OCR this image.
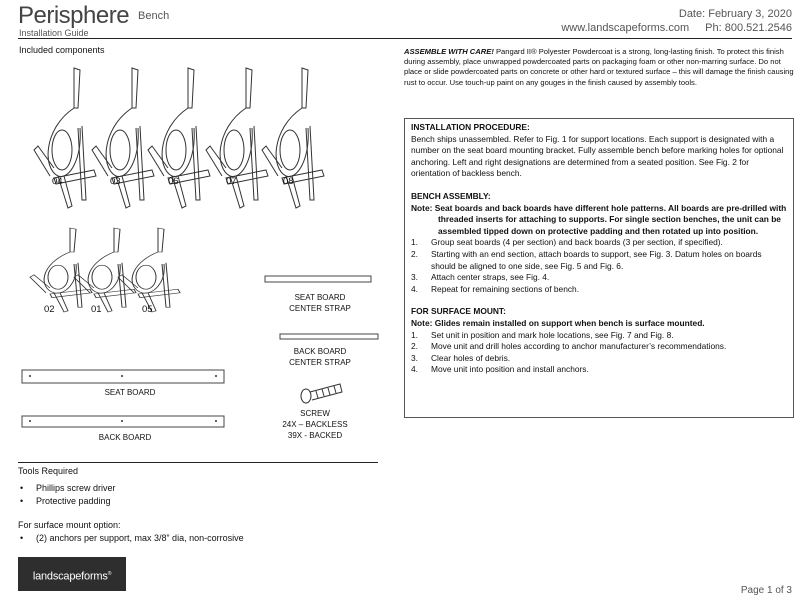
Perisphere
Installation Guide
Bench	Date: February 3, 2020
www.landscapeforms.com Ph: 800.521.2546
Included components
04	03	06	07	08
02	01	05
SEAT BOARD
CENTER STRAP
BACK BOARD
CENTER STRAP
SEAT BOARD
BACK BOARD
SCREW
24X – BACKLESS
39X - BACKED
ASSEMBLE WITH CARE! Pangard II® Polyester Powdercoat is a strong, long-lasting finish. To protect this finish during assembly, place unwrapped powdercoated parts on packaging foam or other non-marring surface. Do not place or slide powdercoated parts on concrete or other hard or textured surface – this will damage the finish causing rust to occur. Use touch-up paint on any gouges in the finish caused by assembly tools.

INSTALLATION PROCEDURE:

Bench ships unassembled. Refer to Fig. 1 for support locations. Each support is designated with a number on the seat board mounting bracket. Fully assemble bench before marking holes for optional anchoring. Left and right designations are determined from a seated position. See Fig. 2 for orientation of backless bench.

BENCH ASSEMBLY:

Note: Seat boards and back boards have different hole patterns. All boards are pre-drilled with threaded inserts for attaching to supports. For single section benches, the unit can be assembled tipped down on protective padding and then rotated up into position.

1. Group seat boards (4 per section) and back boards (3 per section, if specified).
2. Starting with an end section, attach boards to support, see Fig. 3. Datum holes on boards should be aligned to one side, see Fig. 5 and Fig. 6.
3. Attach center straps, see Fig. 4.
4. Repeat for remaining sections of bench.

FOR SURFACE MOUNT:

Note: Glides remain installed on support when bench is surface mounted.

1. Set unit in position and mark hole locations, see Fig. 7 and Fig. 8.
2. Move unit and drill holes according to anchor manufacturer’s recommendations.
3. Clear holes of debris.
4. Move unit into position and install anchors.
Tools Required
• Phillips screw driver
• Protective padding
For surface mount option:
• (2) anchors per support, max 3/8” dia, non-corrosive
landscapeforms®
Page 1 of 3
